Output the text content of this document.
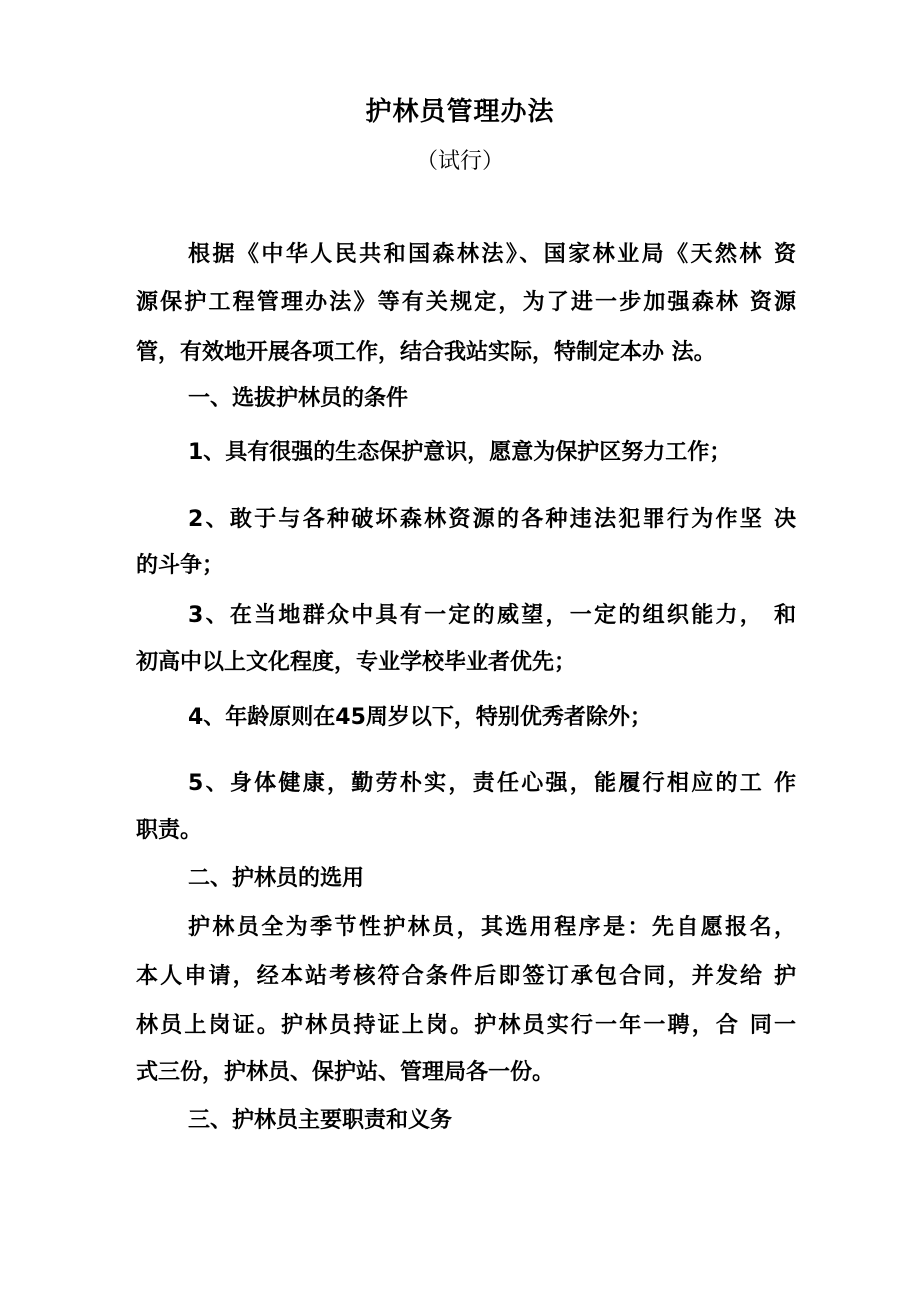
护林员管理办法
（试行）
根据《中华人民共和国森林法》、国家林业局《天然林 资
源保护工程管理办法》等有关规定，为了进一步加强森林 资源
管，有效地开展各项工作，结合我站实际，特制定本办 法。
一、选拔护林员的条件
1、具有很强的生态保护意识，愿意为保护区努力工作；
2、敢于与各种破坏森林资源的各种违法犯罪行为作坚 决
的斗争；
3、在当地群众中具有一定的威望，一定的组织能力， 和
初高中以上文化程度，专业学校毕业者优先；
4、年龄原则在45周岁以下，特别优秀者除外；
5、身体健康，勤劳朴实，责任心强，能履行相应的工 作
职责。
二、护林员的选用
护林员全为季节性护林员，其选用程序是：先自愿报名，
本人申请，经本站考核符合条件后即签订承包合同，并发给 护
林员上岗证。护林员持证上岗。护林员实行一年一聘，合 同一
式三份，护林员、保护站、管理局各一份。
三、护林员主要职责和义务
